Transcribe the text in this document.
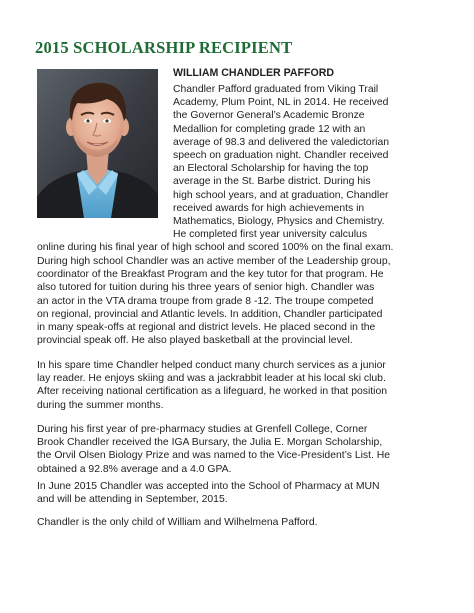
2015 SCHOLARSHIP RECIPIENT
WILLIAM CHANDLER PAFFORD
Chandler Pafford graduated from Viking Trail
Academy, Plum Point, NL in 2014. He received
the Governor General’s Academic Bronze
Medallion for completing grade 12 with an
average of 98.3 and delivered the valedictorian
speech on graduation night. Chandler received
an Electoral Scholarship for having the top
average in the St. Barbe district. During his
high school years, and at graduation, Chandler
received awards for high achievements in
Mathematics, Biology, Physics and Chemistry.
He completed first year university calculus
online during his final year of high school and scored 100% on the final exam.
During high school Chandler was an active member of the Leadership group,
coordinator of the Breakfast Program and the key tutor for that program. He
also tutored for tuition during his three years of senior high. Chandler was
an actor in the VTA drama troupe from grade 8 -12. The troupe competed
on regional, provincial and Atlantic levels. In addition, Chandler participated
in many speak-offs at regional and district levels. He placed second in the
provincial speak off. He also played basketball at the provincial level.
In his spare time Chandler helped conduct many church services as a junior
lay reader. He enjoys skiing and was a jackrabbit leader at his local ski club.
After receiving national certification as a lifeguard, he worked in that position
during the summer months.
During his first year of pre-pharmacy studies at Grenfell College, Corner
Brook Chandler received the IGA Bursary, the Julia E. Morgan Scholarship,
the Orvil Olsen Biology Prize and was named to the Vice-President’s List. He
obtained a 92.8% average and a 4.0 GPA.
In June 2015 Chandler was accepted into the School of Pharmacy at MUN
and will be attending in September, 2015.
Chandler is the only child of William and Wilhelmena Pafford.
